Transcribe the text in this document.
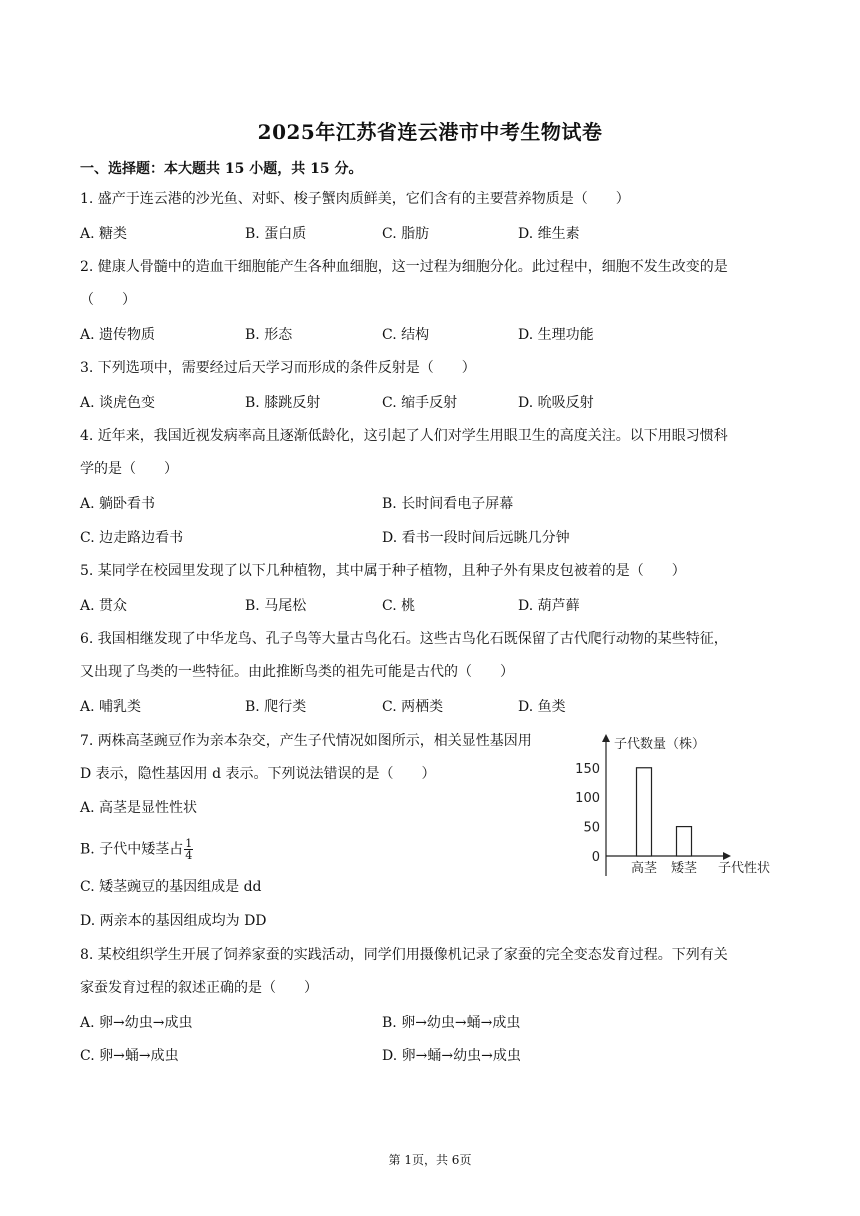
2025年江苏省连云港市中考生物试卷
一、选择题：本大题共 15 小题，共 15 分。
1. 盛产于连云港的沙光鱼、对虾、梭子蟹肉质鲜美，它们含有的主要营养物质是（　　）
A. 糖类	B. 蛋白质	C. 脂肪	D. 维生素
2. 健康人骨髓中的造血干细胞能产生各种血细胞，这一过程为细胞分化。此过程中，细胞不发生改变的是
（　　）
A. 遗传物质	B. 形态	C. 结构	D. 生理功能
3. 下列选项中，需要经过后天学习而形成的条件反射是（　　）
A. 谈虎色变	B. 膝跳反射	C. 缩手反射	D. 吮吸反射
4. 近年来，我国近视发病率高且逐渐低龄化，这引起了人们对学生用眼卫生的高度关注。以下用眼习惯科
学的是（　　）
A. 躺卧看书	B. 长时间看电子屏幕
C. 边走路边看书	D. 看书一段时间后远眺几分钟
5. 某同学在校园里发现了以下几种植物，其中属于种子植物，且种子外有果皮包被着的是（　　）
A. 贯众	B. 马尾松	C. 桃	D. 葫芦藓
6. 我国相继发现了中华龙鸟、孔子鸟等大量古鸟化石。这些古鸟化石既保留了古代爬行动物的某些特征，
又出现了鸟类的一些特征。由此推断鸟类的祖先可能是古代的（　　）
A. 哺乳类	B. 爬行类	C. 两栖类	D. 鱼类
7. 两株高茎豌豆作为亲本杂交，产生子代情况如图所示，相关显性基因用
D 表示，隐性基因用 d 表示。下列说法错误的是（　　）
A. 高茎是显性性状
B. 子代中矮茎占 $\frac{1}{4}$
C. 矮茎豌豆的基因组成是 dd
D. 两亲本的基因组成均为 DD
子代数量（株）
子代性状
150
100
50
0
高茎 矮茎
8. 某校组织学生开展了饲养家蚕的实践活动，同学们用摄像机记录了家蚕的完全变态发育过程。下列有关
家蚕发育过程的叙述正确的是（　　）
A. 卵→幼虫→成虫	B. 卵→幼虫→蛹→成虫
C. 卵→蛹→成虫	D. 卵→蛹→幼虫→成虫
第 1页，共 6页
